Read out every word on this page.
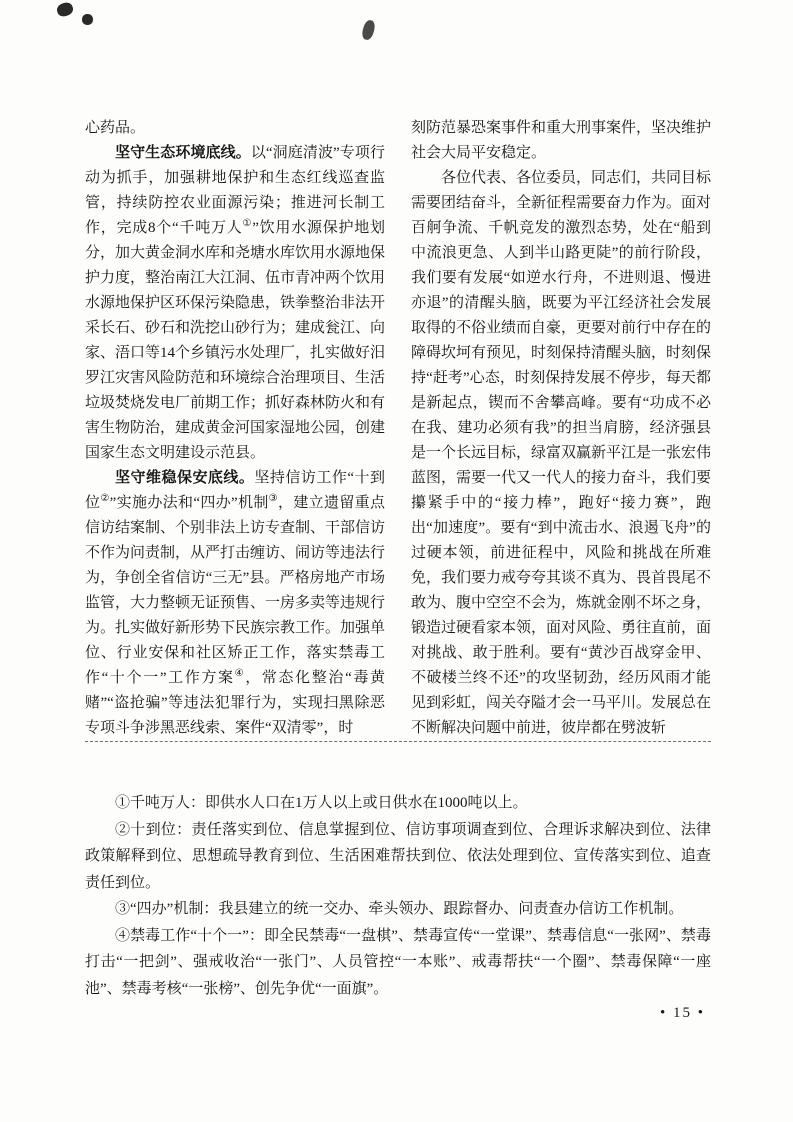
心药品。

坚守生态环境底线。以“洞庭清波”专项行动为抓手，加强耕地保护和生态红线巡查监管，持续防控农业面源污染；推进河长制工作，完成8个“千吨万人①”饮用水源保护地划分，加大黄金洞水库和尧塘水库饮用水源地保护力度，整治南江大江洞、伍市青冲两个饮用水源地保护区环保污染隐患，铁拳整治非法开采长石、砂石和洗挖山砂行为；建成瓮江、向家、浯口等14个乡镇污水处理厂，扎实做好汨罗江灾害风险防范和环境综合治理项目、生活垃圾焚烧发电厂前期工作；抓好森林防火和有害生物防治，建成黄金河国家湿地公园，创建国家生态文明建设示范县。

坚守维稳保安底线。坚持信访工作“十到位②”实施办法和“四办”机制③，建立遗留重点信访结案制、个别非法上访专查制、干部信访不作为问责制，从严打击缠访、闹访等违法行为，争创全省信访“三无”县。严格房地产市场监管，大力整顿无证预售、一房多卖等违规行为。扎实做好新形势下民族宗教工作。加强单位、行业安保和社区矫正工作，落实禁毒工作“十个一”工作方案④，常态化整治“毒黄赌”“盗抢骗”等违法犯罪行为，实现扫黑除恶专项斗争涉黑恶线索、案件“双清零”，时

刻防范暴恐案事件和重大刑事案件，坚决维护社会大局平安稳定。

各位代表、各位委员，同志们，共同目标需要团结奋斗，全新征程需要奋力作为。面对百舸争流、千帆竞发的激烈态势，处在“船到中流浪更急、人到半山路更陡”的前行阶段，我们要有发展“如逆水行舟，不进则退、慢进亦退”的清醒头脑，既要为平江经济社会发展取得的不俗业绩而自豪，更要对前行中存在的障碍坎坷有预见，时刻保持清醒头脑，时刻保持“赶考”心态，时刻保持发展不停步，每天都是新起点，锲而不舍攀高峰。要有“功成不必在我、建功必须有我”的担当肩膀，经济强县是一个长远目标，绿富双赢新平江是一张宏伟蓝图，需要一代又一代人的接力奋斗，我们要攥紧手中的“接力棒”，跑好“接力赛”，跑出“加速度”。要有“到中流击水、浪遏飞舟”的过硬本领，前进征程中，风险和挑战在所难免，我们要力戒夸夸其谈不真为、畏首畏尾不敢为、腹中空空不会为，炼就金刚不坏之身，锻造过硬看家本领，面对风险、勇往直前，面对挑战、敢于胜利。要有“黄沙百战穿金甲、不破楼兰终不还”的攻坚韧劲，经历风雨才能见到彩虹，闯关夺隘才会一马平川。发展总在不断解决问题中前进，彼岸都在劈波斩

①千吨万人：即供水人口在1万人以上或日供水在1000吨以上。

②十到位：责任落实到位、信息掌握到位、信访事项调查到位、合理诉求解决到位、法律政策解释到位、思想疏导教育到位、生活困难帮扶到位、依法处理到位、宣传落实到位、追查责任到位。

③“四办”机制：我县建立的统一交办、牵头领办、跟踪督办、问责查办信访工作机制。

④禁毒工作“十个一”：即全民禁毒“一盘棋”、禁毒宣传“一堂课”、禁毒信息“一张网”、禁毒打击“一把剑”、强戒收治“一张门”、人员管控“一本账”、戒毒帮扶“一个圈”、禁毒保障“一座池”、禁毒考核“一张榜”、创先争优“一面旗”。

• 15 •
